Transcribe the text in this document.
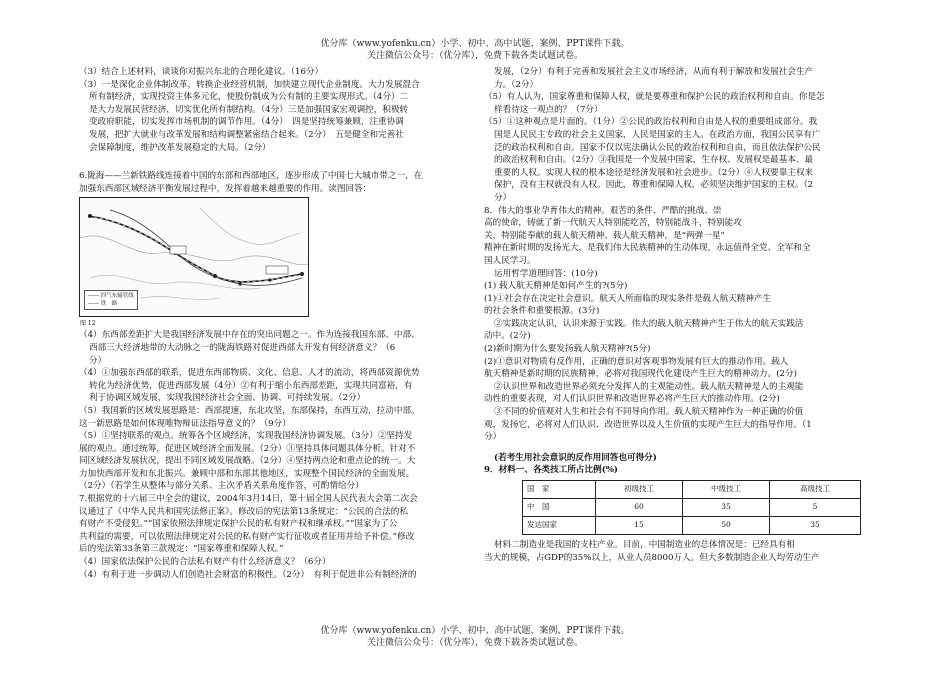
优分库（www.yofenku.cn）小学、初中、高中试题、案例、PPT课件下载。
关注微信公众号：（优分库），免费下载各类试题试卷。

（3）结合上述材料，谈谈你对振兴东北的合理化建议。（16分）

（3）一是深化企业体制改革，转换企业经营机制，加快建立现代企业制度。大力发展混合

所有制经济，实现投资主体多元化，使股份制成为公有制的主要实现形式。（4分）二

是大力发展民营经济，切实优化所有制结构。（4分）三是加强国家宏观调控，积极转

变政府职能，切实发挥市场机制的调节作用。（4分）　四是坚持统筹兼顾，注重协调

发展，把扩大就业与改革发展和结构调整紧密结合起来。（2分）　五是健全和完善社

会保障制度，维护改革发展稳定的大局。（2分）

6.陇海——兰新铁路线连接着中国的东部和西部地区，逐步形成了中国七大城市带之一，在

加强东西部区域经济平衡发展过程中，发挥着越来越重要的作用。读图回答：

—— 四气东输管线
—— 铁　路
图 12

（4）东西部差距扩大是我国经济发展中存在的突出问题之一。作为连接我国东部、中部、

西部三大经济地带的大动脉之一的陇海铁路对促进西部大开发有何经济意义？（6

分）

（4）①加强东西部的联系，促进东西部物质、文化、信息、人才的流动，将西部资源优势

转化为经济优势，促进西部发展（4分）②有利于缩小东西部差距，实现共同富裕，有

利于协调区域发展，实现我国经济社会全面、协调、可持续发展。（2分）

（5）我国新的区域发展思路是：西部提速，东北攻坚，东部保持，东西互动，拉动中部。

这一新思路是如何体现唯物辩证法指导意义的？（9分）

（5）①坚持联系的观点。统筹各个区域经济，实现我国经济协调发展。（3分）②坚持发

展的观点。通过统筹，促进区域经济全面发展。（2分）③坚持具体问题具体分析。针对不

同区域经济发展状况，提出不同区域发展战略。（2分）④坚持两点论和重点论的统一。大

力加快西部开发和东北振兴。兼顾中部和东部其他地区，实现整个国民经济的全面发展。

（2分）（若学生从整体与部分关系、主次矛盾关系角度作答，可酌情给分）

7.根据党的十六届三中全会的建议，2004年3月14日，第十届全国人民代表大会第二次会

议通过了《中华人民共和国宪法修正案》。修改后的宪法第13条规定：“公民的合法的私

有财产不受侵犯。”“国家依照法律规定保护公民的私有财产权和继承权。”“国家为了公

共利益的需要，可以依照法律规定对公民的私有财产实行征收或者征用并给予补偿。”修改

后的宪法第33条第三款规定：“国家尊重和保障人权。”

（4）国家依法保护公民的合法私有财产有什么经济意义？（6分）

（4）有利于进一步调动人们创造社会财富的积极性。（2分）　有利于促进非公有制经济的

发展，（2分）有利于完善和发展社会主义市场经济，从而有利于解放和发展社会生产

力。（2分）

（5）有人认为，国家尊重和保障人权，就是要尊重和保护公民的政治权利和自由。你是怎

样看待这一观点的？（7分）

（5）①这种观点是片面的。（1分）②公民的政治权利和自由是人权的重要组成部分。我

国是人民民主专政的社会主义国家，人民是国家的主人。在政治方面，我国公民享有广

泛的政治权利和自由。国家不仅以宪法确认公民的政治权利和自由，而且依法保护公民

的政治权利和自由。（2分）③我国是一个发展中国家，生存权、发展权是最基本、最

重要的人权。实现人权的根本途径是经济发展和社会进步。（2分）④人权要靠主权来

保护，没有主权就没有人权。因此，尊重和保障人权，必须坚决维护国家的主权。（2

分）

8．伟大的事业孕育伟大的精神。艰苦的条件、严酷的挑战、崇

高的使命，铸就了新一代航天人特别能吃苦，特别能战斗，特别能攻

关，特别能奉献的载人航天精神。载人航天精神，是“两弹一星”

精神在新时期的发扬光大，是我们伟大民族精神的生动体现，永远值得全党、全军和全

国人民学习。

运用哲学道理回答：(10分)

(1) 载人航天精神是如何产生的?(5分)

(1)①社会存在决定社会意识。航天人所面临的现实条件是载人航天精神产生

的社会条件和重要根源。(3分)

②实践决定认识，认识来源于实践。伟大的载人航天精神产生于伟大的航天实践活

动中。(2分)

(2)新时期为什么要发扬载人航天精神?(5分)

(2)①意识对物质有反作用，正确的意识对客观事物发展有巨大的推动作用。载人

航天精神是新时期的民族精神，必将对我国现代化建设产生巨大的精神动力。(2分)

②认识世界和改造世界必须充分发挥人的主观能动性。载人航天精神是人的主观能

动性的重要表现，对人们认识世界和改造世界必将产生巨大的推动作用。(2分)

③不同的价值观对人生和社会有不同导向作用。载人航天精神作为一种正确的价值

观，发扬它，必将对人们认识、改造世界以及人生价值的实现产生巨大的指导作用。（1

分）

(若考生用社会意识的反作用回答也可得分)

9．材料一、各类技工所占比例(%)

国　家	初级技工	中级技工	高级技工
中　国	60	35	5
发达国家	15	50	35

材料二制造业是我国的支柱产业。目前，中国制造业的总体情况是：已经具有相

当大的规模，占GDP的35%以上，从业人员8000万人。但大多数制造企业人均劳动生产

优分库（www.yofenku.cn）小学、初中、高中试题、案例、PPT课件下载。
关注微信公众号：（优分库），免费下载各类试题试卷。
